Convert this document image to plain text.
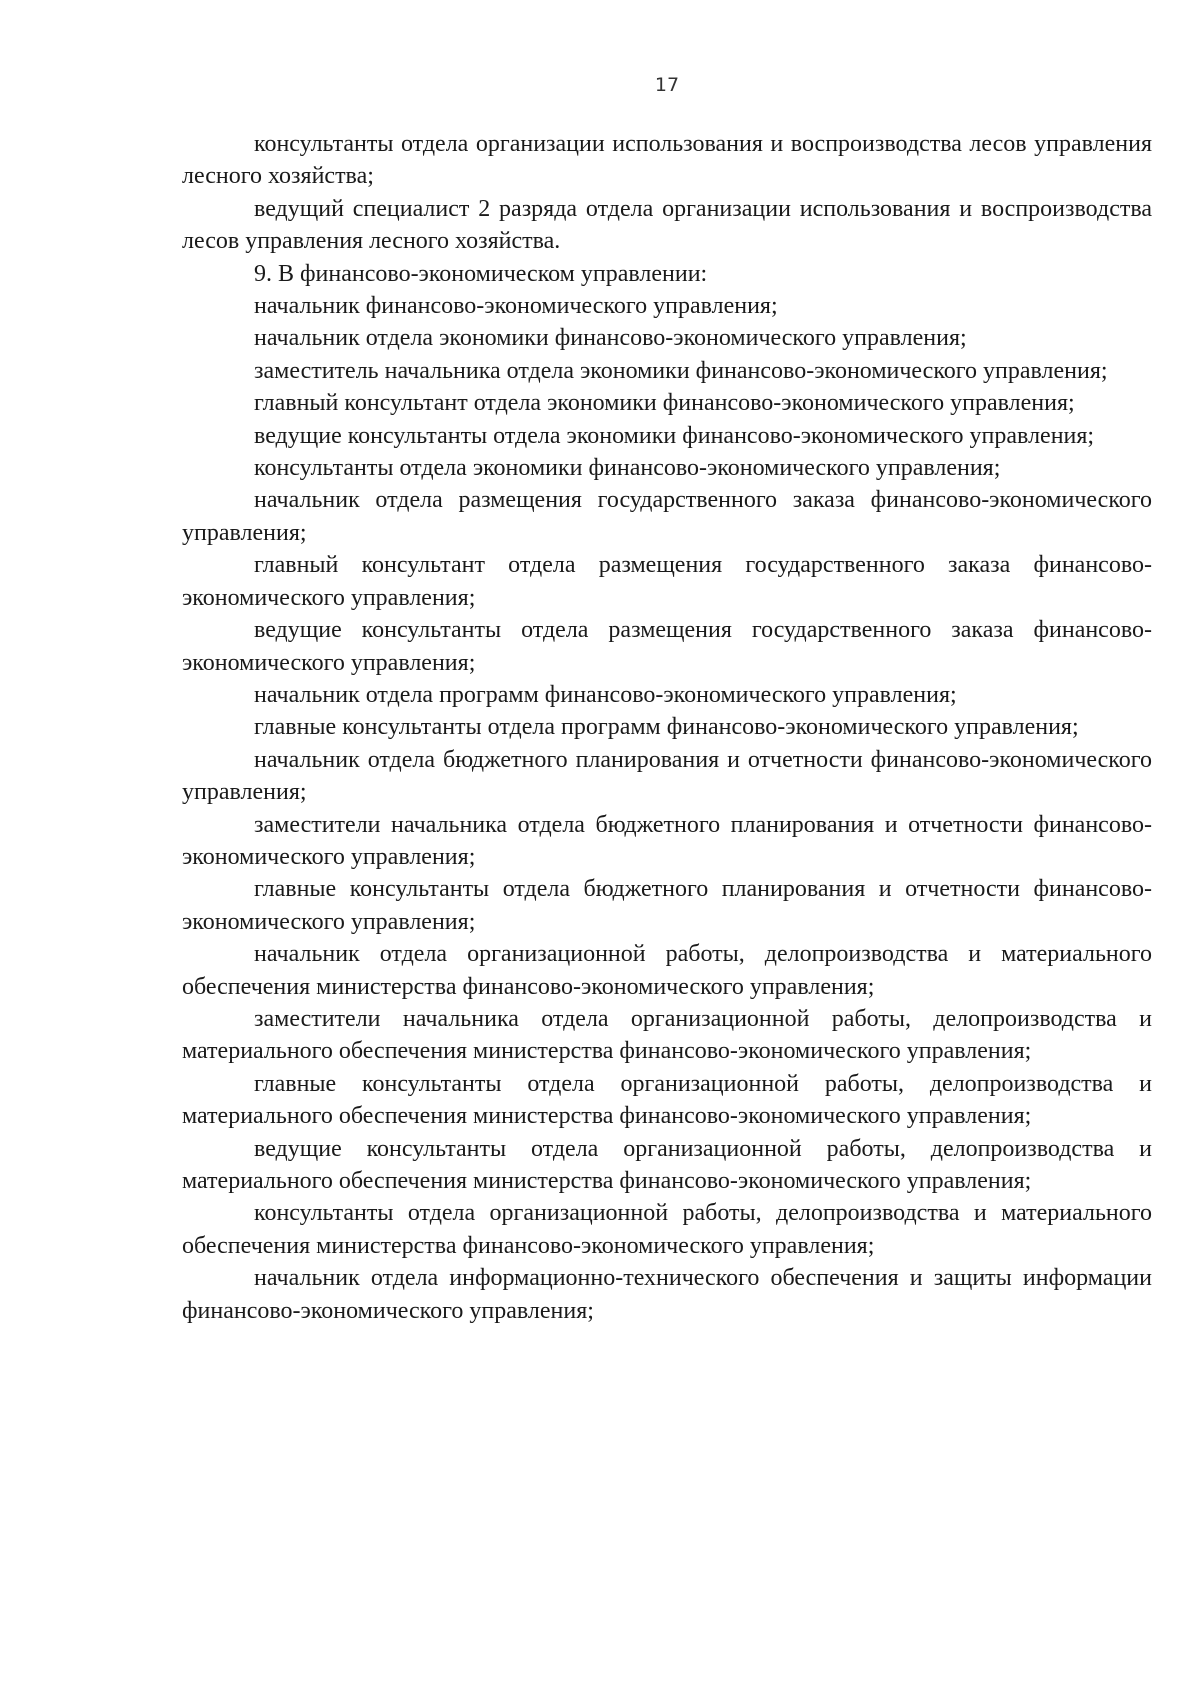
17

консультанты отдела организации использования и воспроизводства лесов управления лесного хозяйства;

ведущий специалист 2 разряда отдела организации использования и воспроизводства лесов управления лесного хозяйства.

9. В финансово-экономическом управлении:

начальник финансово-экономического управления;

начальник отдела экономики финансово-экономического управления;

заместитель начальника отдела экономики финансово-экономического управления;

главный консультант отдела экономики финансово-экономического управления;

ведущие консультанты отдела экономики финансово-экономического управления;

консультанты отдела экономики финансово-экономического управления;

начальник отдела размещения государственного заказа финансово-экономического управления;

главный консультант отдела размещения государственного заказа финансово-экономического управления;

ведущие консультанты отдела размещения государственного заказа финансово-экономического управления;

начальник отдела программ финансово-экономического управления;

главные консультанты отдела программ финансово-экономического управления;

начальник отдела бюджетного планирования и отчетности финансово-экономического управления;

заместители начальника отдела бюджетного планирования и отчетности финансово-экономического управления;

главные консультанты отдела бюджетного планирования и отчетности финансово-экономического управления;

начальник отдела организационной работы, делопроизводства и материального обеспечения министерства финансово-экономического управления;

заместители начальника отдела организационной работы, делопроизводства и материального обеспечения министерства финансово-экономического управления;

главные консультанты отдела организационной работы, делопроизводства и материального обеспечения министерства финансово-экономического управления;

ведущие консультанты отдела организационной работы, делопроизводства и материального обеспечения министерства финансово-экономического управления;

консультанты отдела организационной работы, делопроизводства и материального обеспечения министерства финансово-экономического управления;

начальник отдела информационно-технического обеспечения и защиты информации финансово-экономического управления;
